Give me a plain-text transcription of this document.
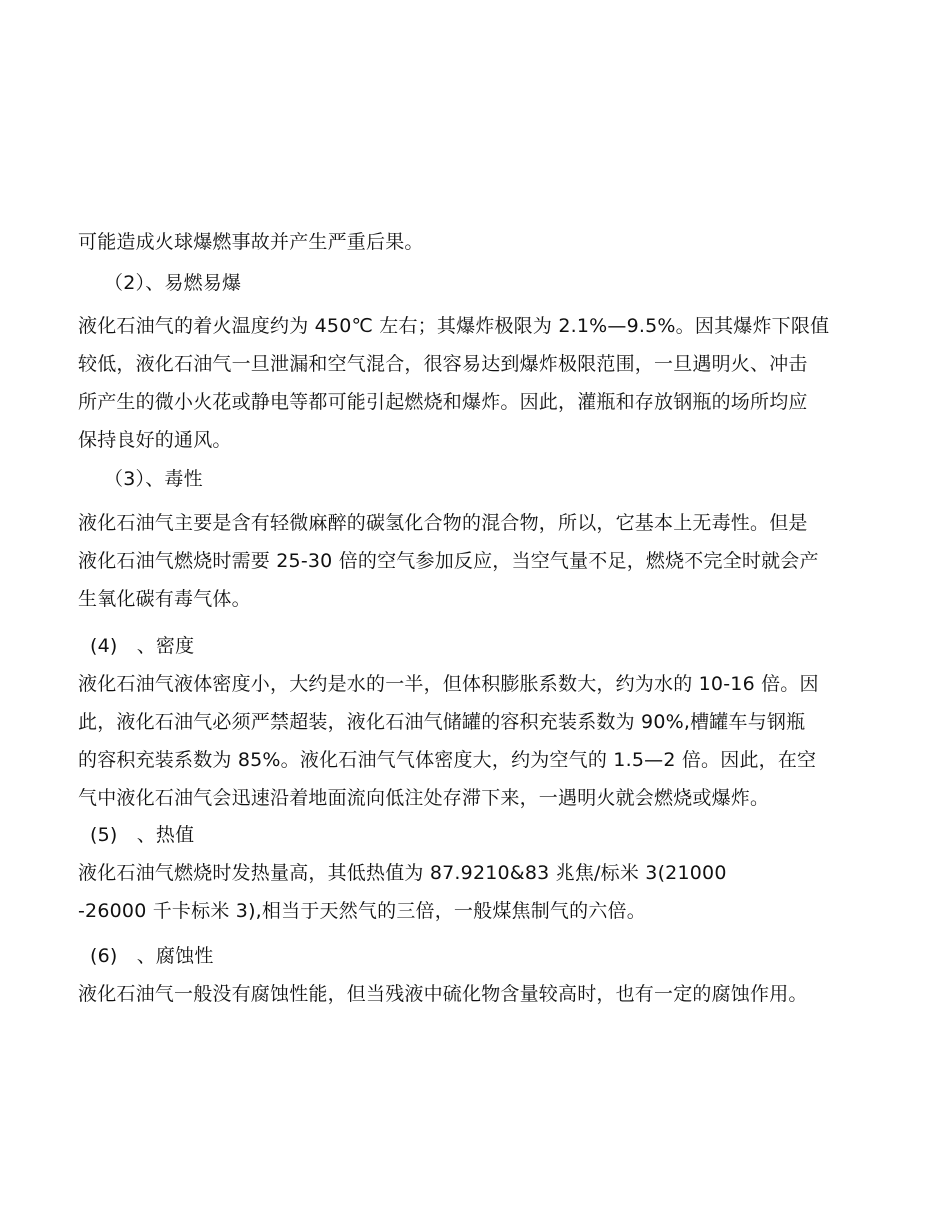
可能造成火球爆燃事故并产生严重后果。
（2）、易燃易爆
液化石油气的着火温度约为 450℃ 左右；其爆炸极限为 2.1%—9.5%。因其爆炸下限值
较低，液化石油气一旦泄漏和空气混合，很容易达到爆炸极限范围，一旦遇明火、冲击
所产生的微小火花或静电等都可能引起燃烧和爆炸。因此，灌瓶和存放钢瓶的场所均应
保持良好的通风。
（3）、毒性
液化石油气主要是含有轻微麻醉的碳氢化合物的混合物，所以，它基本上无毒性。但是
液化石油气燃烧时需要 25-30 倍的空气参加反应，当空气量不足，燃烧不完全时就会产
生氧化碳有毒气体。
(4)　、密度
液化石油气液体密度小，大约是水的一半，但体积膨胀系数大，约为水的 10-16 倍。因
此，液化石油气必须严禁超装，液化石油气储罐的容积充装系数为 90%,槽罐车与钢瓶
的容积充装系数为 85%。液化石油气气体密度大，约为空气的 1.5—2 倍。因此，在空
气中液化石油气会迅速沿着地面流向低注处存滞下来，一遇明火就会燃烧或爆炸。
(5)　、热值
液化石油气燃烧时发热量高，其低热值为 87.9210&83 兆焦/标米 3(21000
-26000 千卡标米 3),相当于天然气的三倍，一般煤焦制气的六倍。
(6)　、腐蚀性
液化石油气一般没有腐蚀性能，但当残液中硫化物含量较高时，也有一定的腐蚀作用。
